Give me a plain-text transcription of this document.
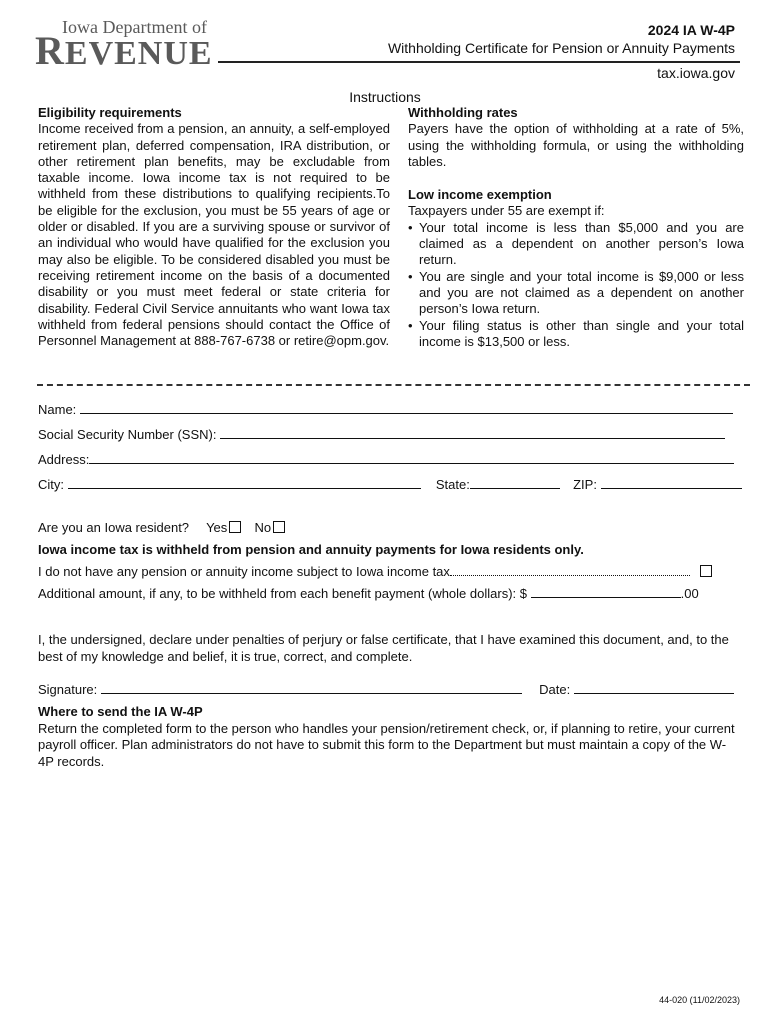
Iowa Department of
REVENUE
2024 IA W-4P
Withholding Certificate for Pension or Annuity Payments
tax.iowa.gov
Instructions
Eligibility requirements
Income received from a pension, an annuity, a self-employed retirement plan, deferred compensation, IRA distribution, or other retirement plan benefits, may be excludable from taxable income. Iowa income tax is not required to be withheld from these distributions to qualifying recipients.To be eligible for the exclusion, you must be 55 years of age or older or disabled. If you are a surviving spouse or survivor of an individual who would have qualified for the exclusion you may also be eligible. To be considered disabled you must be receiving retirement income on the basis of a documented disability or you must meet federal or state criteria for disability. Federal Civil Service annuitants who want Iowa tax withheld from federal pensions should contact the Office of Personnel Management at 888-767-6738 or retire@opm.gov.
Withholding rates
Payers have the option of withholding at a rate of 5%, using the withholding formula, or using the withholding tables.
Low income exemption
Taxpayers under 55 are exempt if:
• Your total income is less than $5,000 and you are claimed as a dependent on another person’s Iowa return.
• You are single and your total income is $9,000 or less and you are not claimed as a dependent on another person’s Iowa return.
• Your filing status is other than single and your total income is $13,500 or less.
Name:
Social Security Number (SSN):
Address:
City:	State:	ZIP:
Are you an Iowa resident? Yes No
Iowa income tax is withheld from pension and annuity payments for Iowa residents only.
I do not have any pension or annuity income subject to Iowa income tax
Additional amount, if any, to be withheld from each benefit payment (whole dollars): $	.00
I, the undersigned, declare under penalties of perjury or false certificate, that I have examined this document, and, to the best of my knowledge and belief, it is true, correct, and complete.
Signature:	Date:
Where to send the IA W-4P
Return the completed form to the person who handles your pension/retirement check, or, if planning to retire, your current payroll officer. Plan administrators do not have to submit this form to the Department but must maintain a copy of the W-4P records.
44-020 (11/02/2023)
